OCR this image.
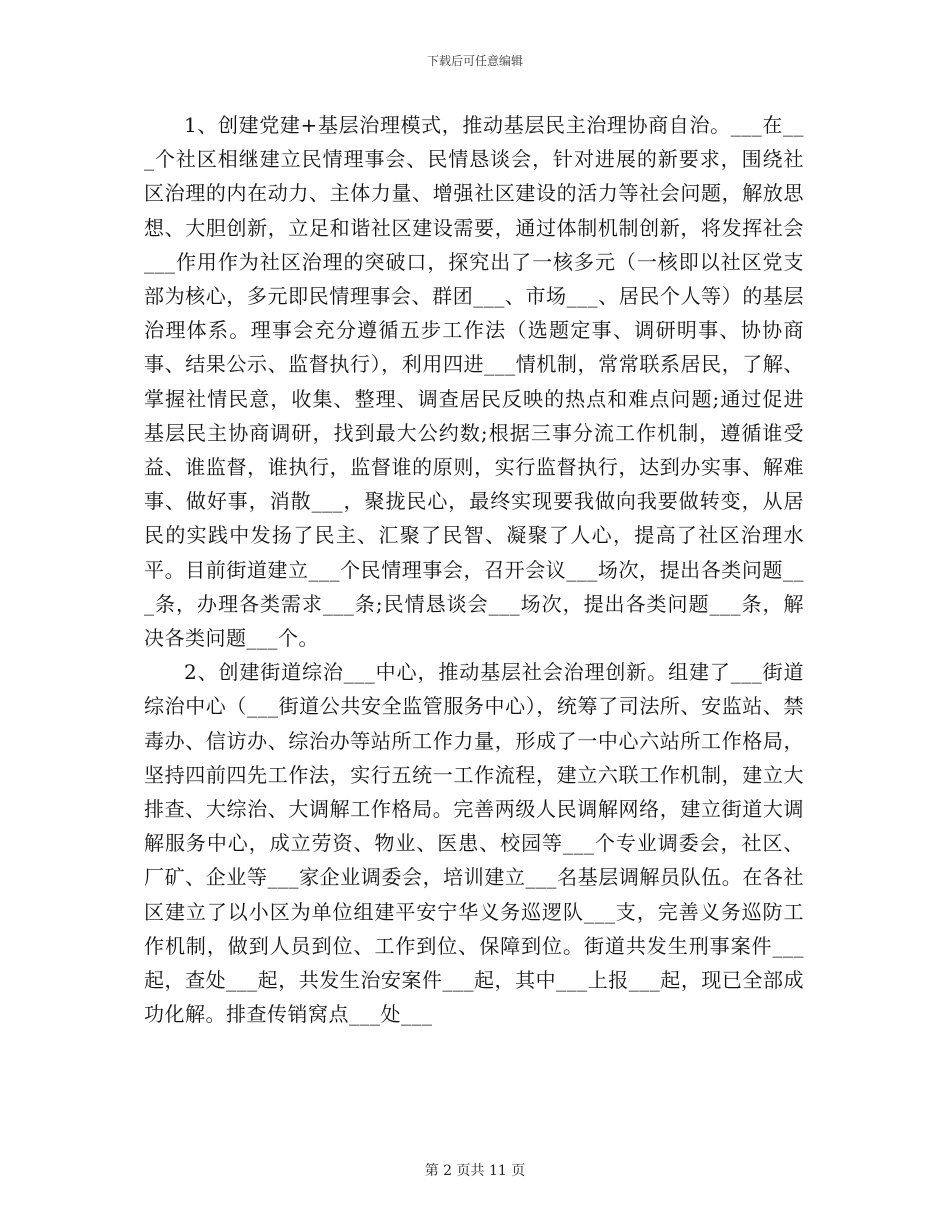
下载后可任意编辑

1、创建党建+基层治理模式，推动基层民主治理协商自治。___在___个社区相继建立民情理事会、民情恳谈会，针对进展的新要求，围绕社区治理的内在动力、主体力量、增强社区建设的活力等社会问题，解放思想、大胆创新，立足和谐社区建设需要，通过体制机制创新，将发挥社会___作用作为社区治理的突破口，探究出了一核多元（一核即以社区党支部为核心，多元即民情理事会、群团___、市场___、居民个人等）的基层治理体系。理事会充分遵循五步工作法（选题定事、调研明事、协协商事、结果公示、监督执行），利用四进___情机制，常常联系居民，了解、掌握社情民意，收集、整理、调查居民反映的热点和难点问题;通过促进基层民主协商调研，找到最大公约数;根据三事分流工作机制，遵循谁受益、谁监督，谁执行，监督谁的原则，实行监督执行，达到办实事、解难事、做好事，消散___，聚拢民心，最终实现要我做向我要做转变，从居民的实践中发扬了民主、汇聚了民智、凝聚了人心，提高了社区治理水平。目前街道建立___个民情理事会，召开会议___场次，提出各类问题___条，办理各类需求___条;民情恳谈会___场次，提出各类问题___条，解决各类问题___个。

2、创建街道综治___中心，推动基层社会治理创新。组建了___街道综治中心（___街道公共安全监管服务中心），统筹了司法所、安监站、禁毒办、信访办、综治办等站所工作力量，形成了一中心六站所工作格局，坚持四前四先工作法，实行五统一工作流程，建立六联工作机制，建立大排查、大综治、大调解工作格局。完善两级人民调解网络，建立街道大调解服务中心，成立劳资、物业、医患、校园等___个专业调委会，社区、厂矿、企业等___家企业调委会，培训建立___名基层调解员队伍。在各社区建立了以小区为单位组建平安宁华义务巡逻队___支，完善义务巡防工作机制，做到人员到位、工作到位、保障到位。街道共发生刑事案件___起，查处___起，共发生治安案件___起，其中___上报___起，现已全部成功化解。排查传销窝点___处___

第 2 页共 11 页
